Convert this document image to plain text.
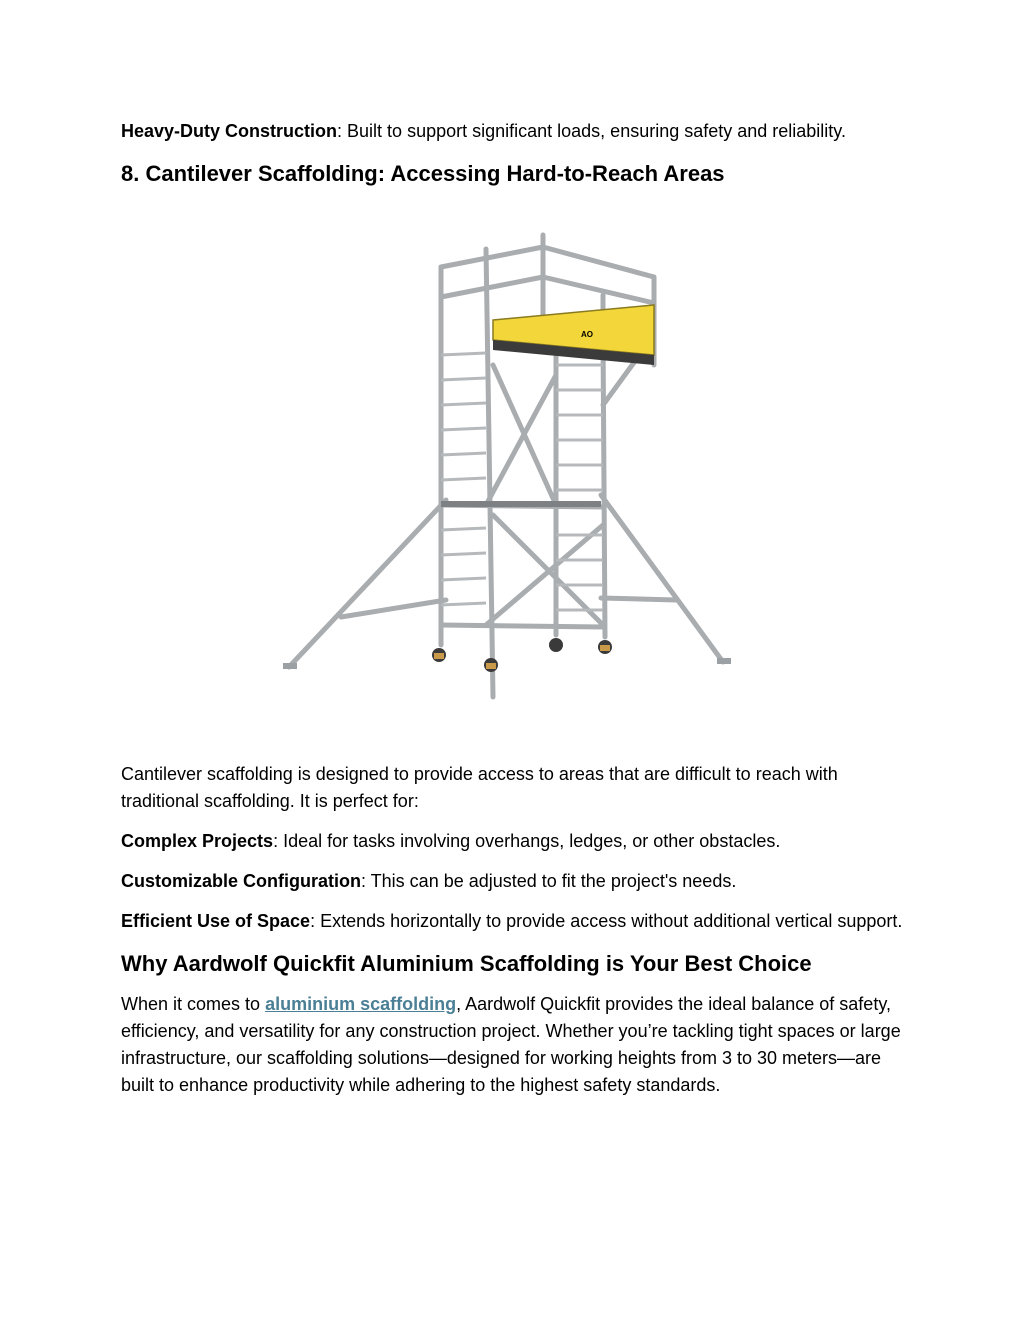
Heavy-Duty Construction: Built to support significant loads, ensuring safety and reliability.

8. Cantilever Scaffolding: Accessing Hard-to-Reach Areas
AO

Cantilever scaffolding is designed to provide access to areas that are difficult to reach with traditional scaffolding. It is perfect for:

Complex Projects: Ideal for tasks involving overhangs, ledges, or other obstacles.

Customizable Configuration: This can be adjusted to fit the project's needs.

Efficient Use of Space: Extends horizontally to provide access without additional vertical support.

Why Aardwolf Quickfit Aluminium Scaffolding is Your Best Choice

When it comes to aluminium scaffolding, Aardwolf Quickfit provides the ideal balance of safety, efficiency, and versatility for any construction project. Whether you’re tackling tight spaces or large infrastructure, our scaffolding solutions—designed for working heights from 3 to 30 meters—are built to enhance productivity while adhering to the highest safety standards.
